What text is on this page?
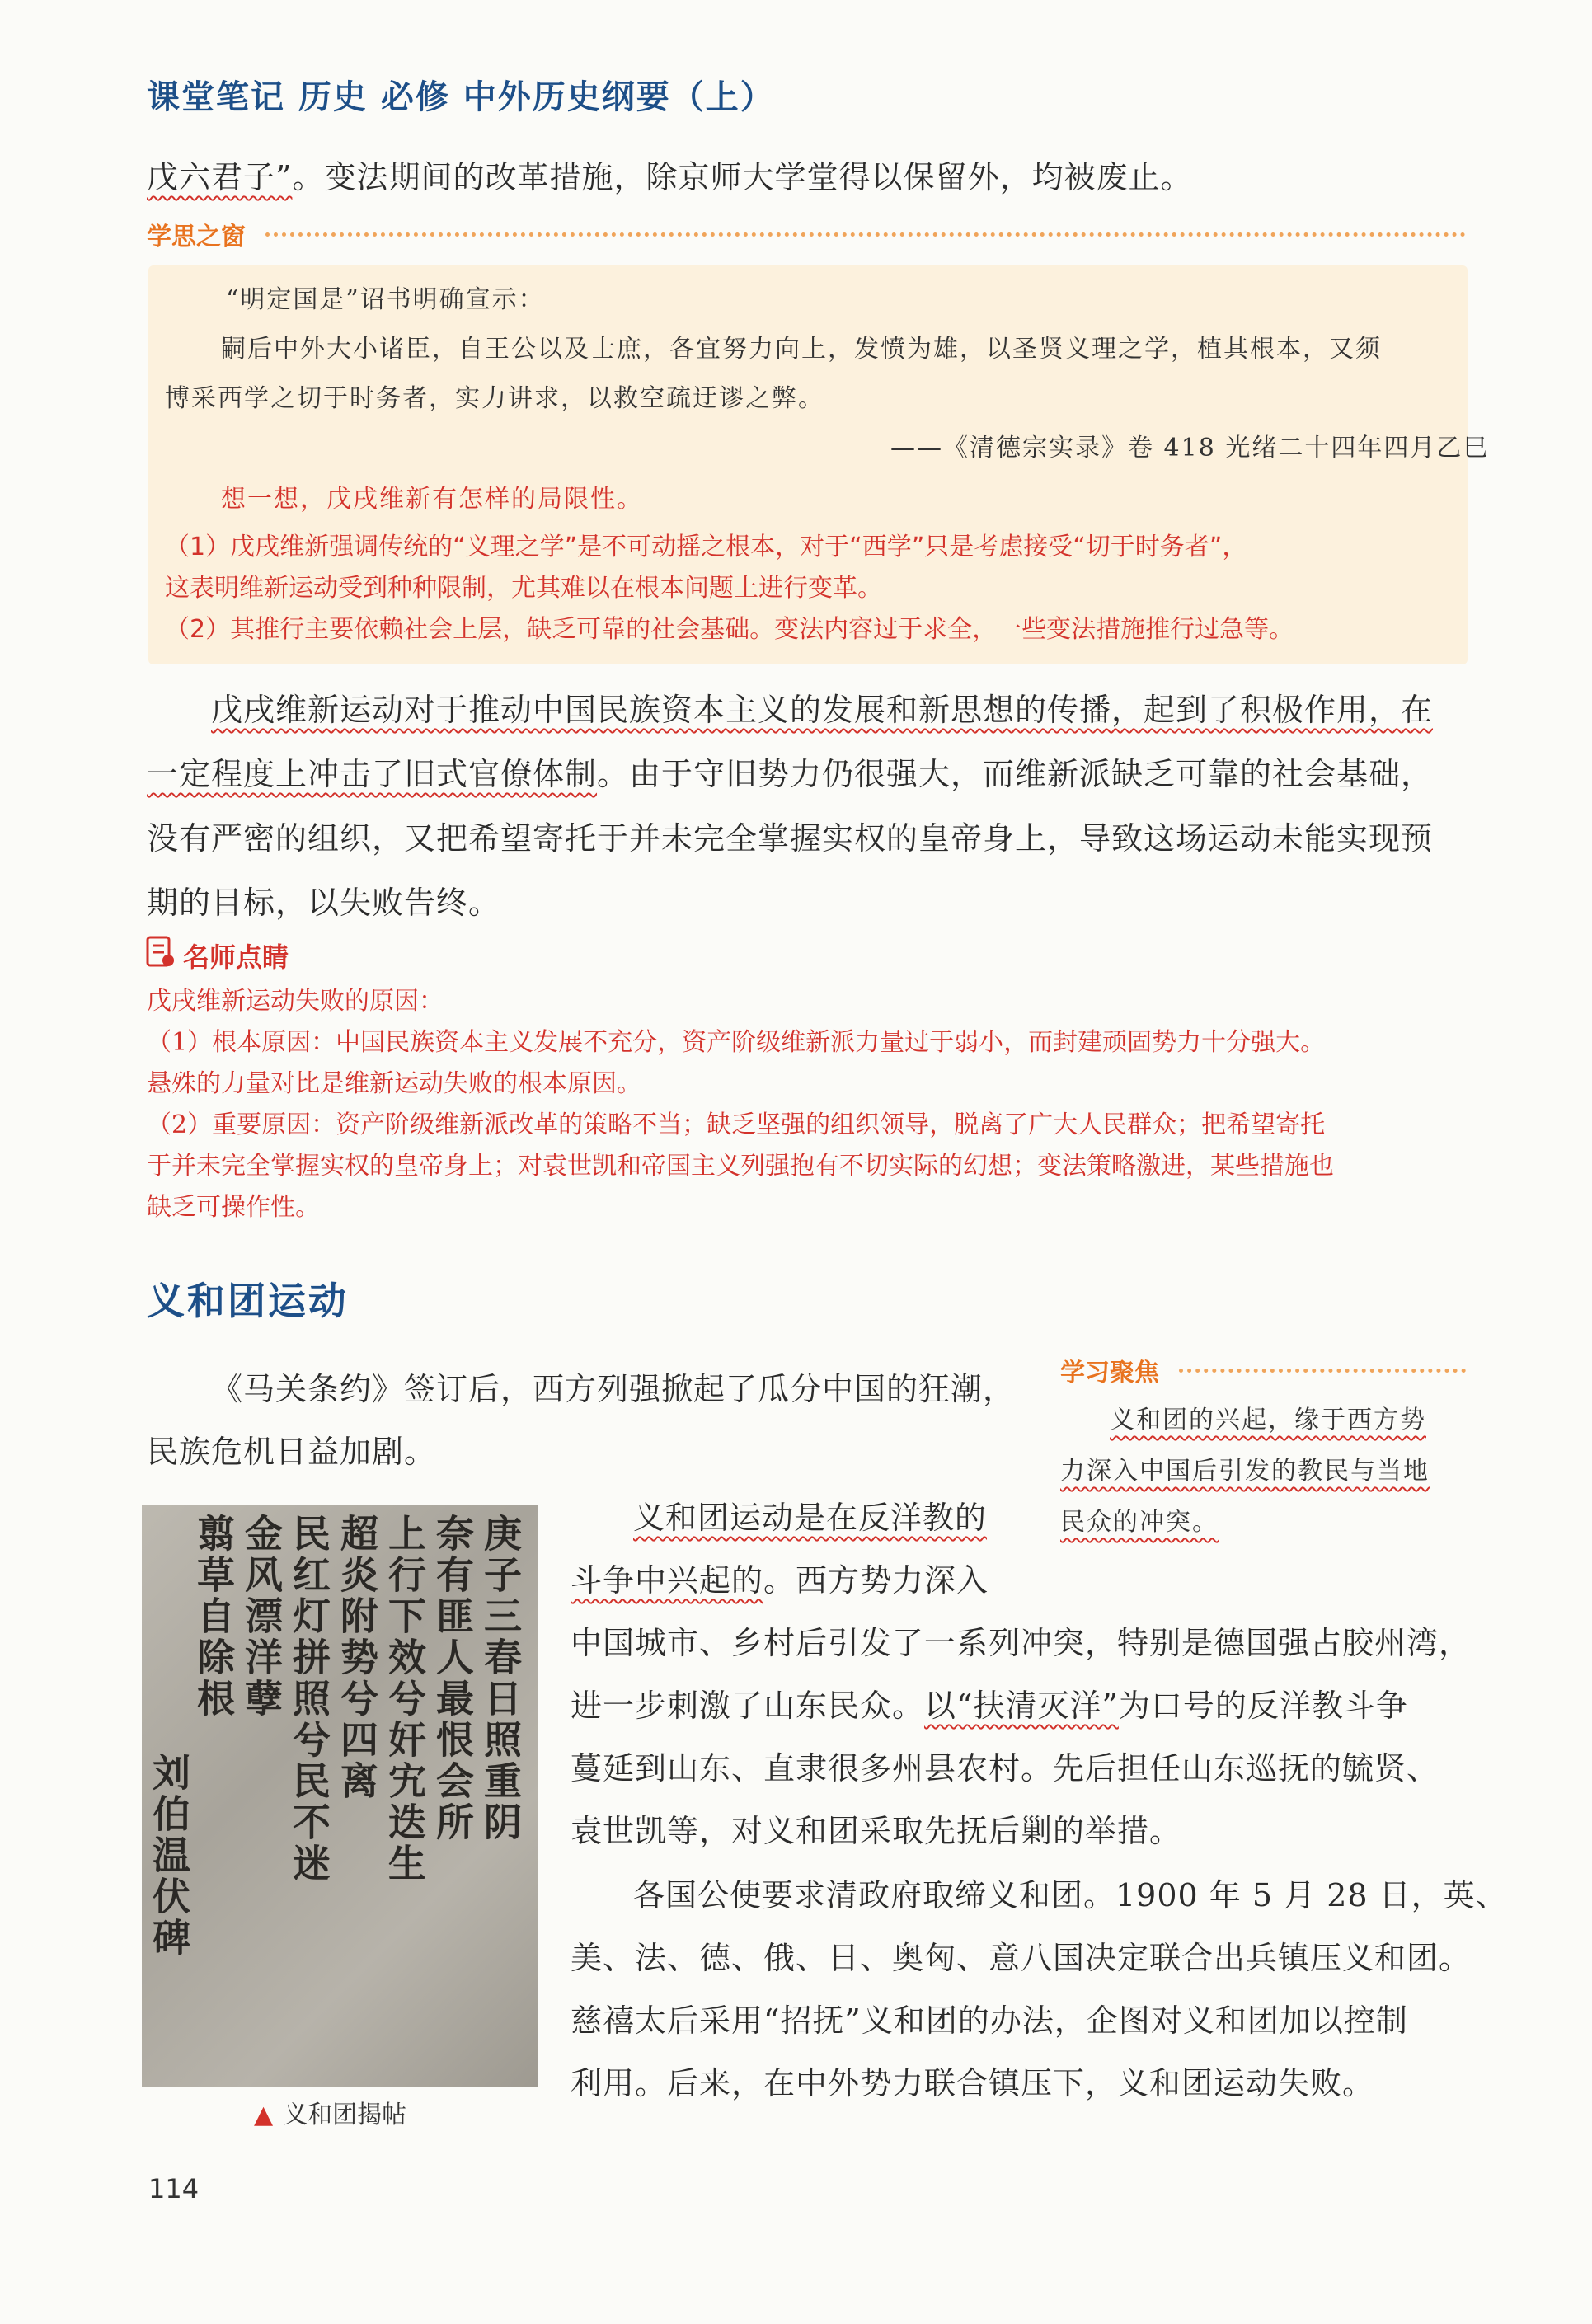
课堂笔记 历史 必修 中外历史纲要（上）
戊六君子”。变法期间的改革措施，除京师大学堂得以保留外，均被废止。
学思之窗
“明定国是”诏书明确宣示：
嗣后中外大小诸臣，自王公以及士庶，各宜努力向上，发愤为雄，以圣贤义理之学，植其根本，又须
博采西学之切于时务者，实力讲求，以救空疏迂谬之弊。
——《清德宗实录》卷 418 光绪二十四年四月乙巳
想一想，戊戌维新有怎样的局限性。
（1）戊戌维新强调传统的“义理之学”是不可动摇之根本，对于“西学”只是考虑接受“切于时务者”，
这表明维新运动受到种种限制，尤其难以在根本问题上进行变革。
（2）其推行主要依赖社会上层，缺乏可靠的社会基础。变法内容过于求全，一些变法措施推行过急等。
戊戌维新运动对于推动中国民族资本主义的发展和新思想的传播，起到了积极作用，在
一定程度上冲击了旧式官僚体制。由于守旧势力仍很强大，而维新派缺乏可靠的社会基础，
没有严密的组织，又把希望寄托于并未完全掌握实权的皇帝身上，导致这场运动未能实现预
期的目标，以失败告终。
名师点睛
戊戌维新运动失败的原因：
（1）根本原因：中国民族资本主义发展不充分，资产阶级维新派力量过于弱小，而封建顽固势力十分强大。
悬殊的力量对比是维新运动失败的根本原因。
（2）重要原因：资产阶级维新派改革的策略不当；缺乏坚强的组织领导，脱离了广大人民群众；把希望寄托
于并未完全掌握实权的皇帝身上；对袁世凯和帝国主义列强抱有不切实际的幻想；变法策略激进，某些措施也
缺乏可操作性。
义和团运动
《马关条约》签订后，西方列强掀起了瓜分中国的狂潮，
民族危机日益加剧。
学习聚焦
义和团的兴起，缘于西方势
力深入中国后引发的教民与当地
民众的冲突。
庚子三春日照重阴
奈有匪人最恨会所
上行下效兮奸宄迭生
超炎附势兮四离
民红灯拼照兮民不迷
金风漂洋孽
翦草自除根
刘伯温伏碑
▲ 义和团揭帖
义和团运动是在反洋教的
斗争中兴起的。西方势力深入
中国城市、乡村后引发了一系列冲突，特别是德国强占胶州湾，
进一步刺激了山东民众。以“扶清灭洋”为口号的反洋教斗争
蔓延到山东、直隶很多州县农村。先后担任山东巡抚的毓贤、
袁世凯等，对义和团采取先抚后剿的举措。
各国公使要求清政府取缔义和团。1900 年 5 月 28 日，英、
美、法、德、俄、日、奥匈、意八国决定联合出兵镇压义和团。
慈禧太后采用“招抚”义和团的办法，企图对义和团加以控制
利用。后来，在中外势力联合镇压下，义和团运动失败。
114
